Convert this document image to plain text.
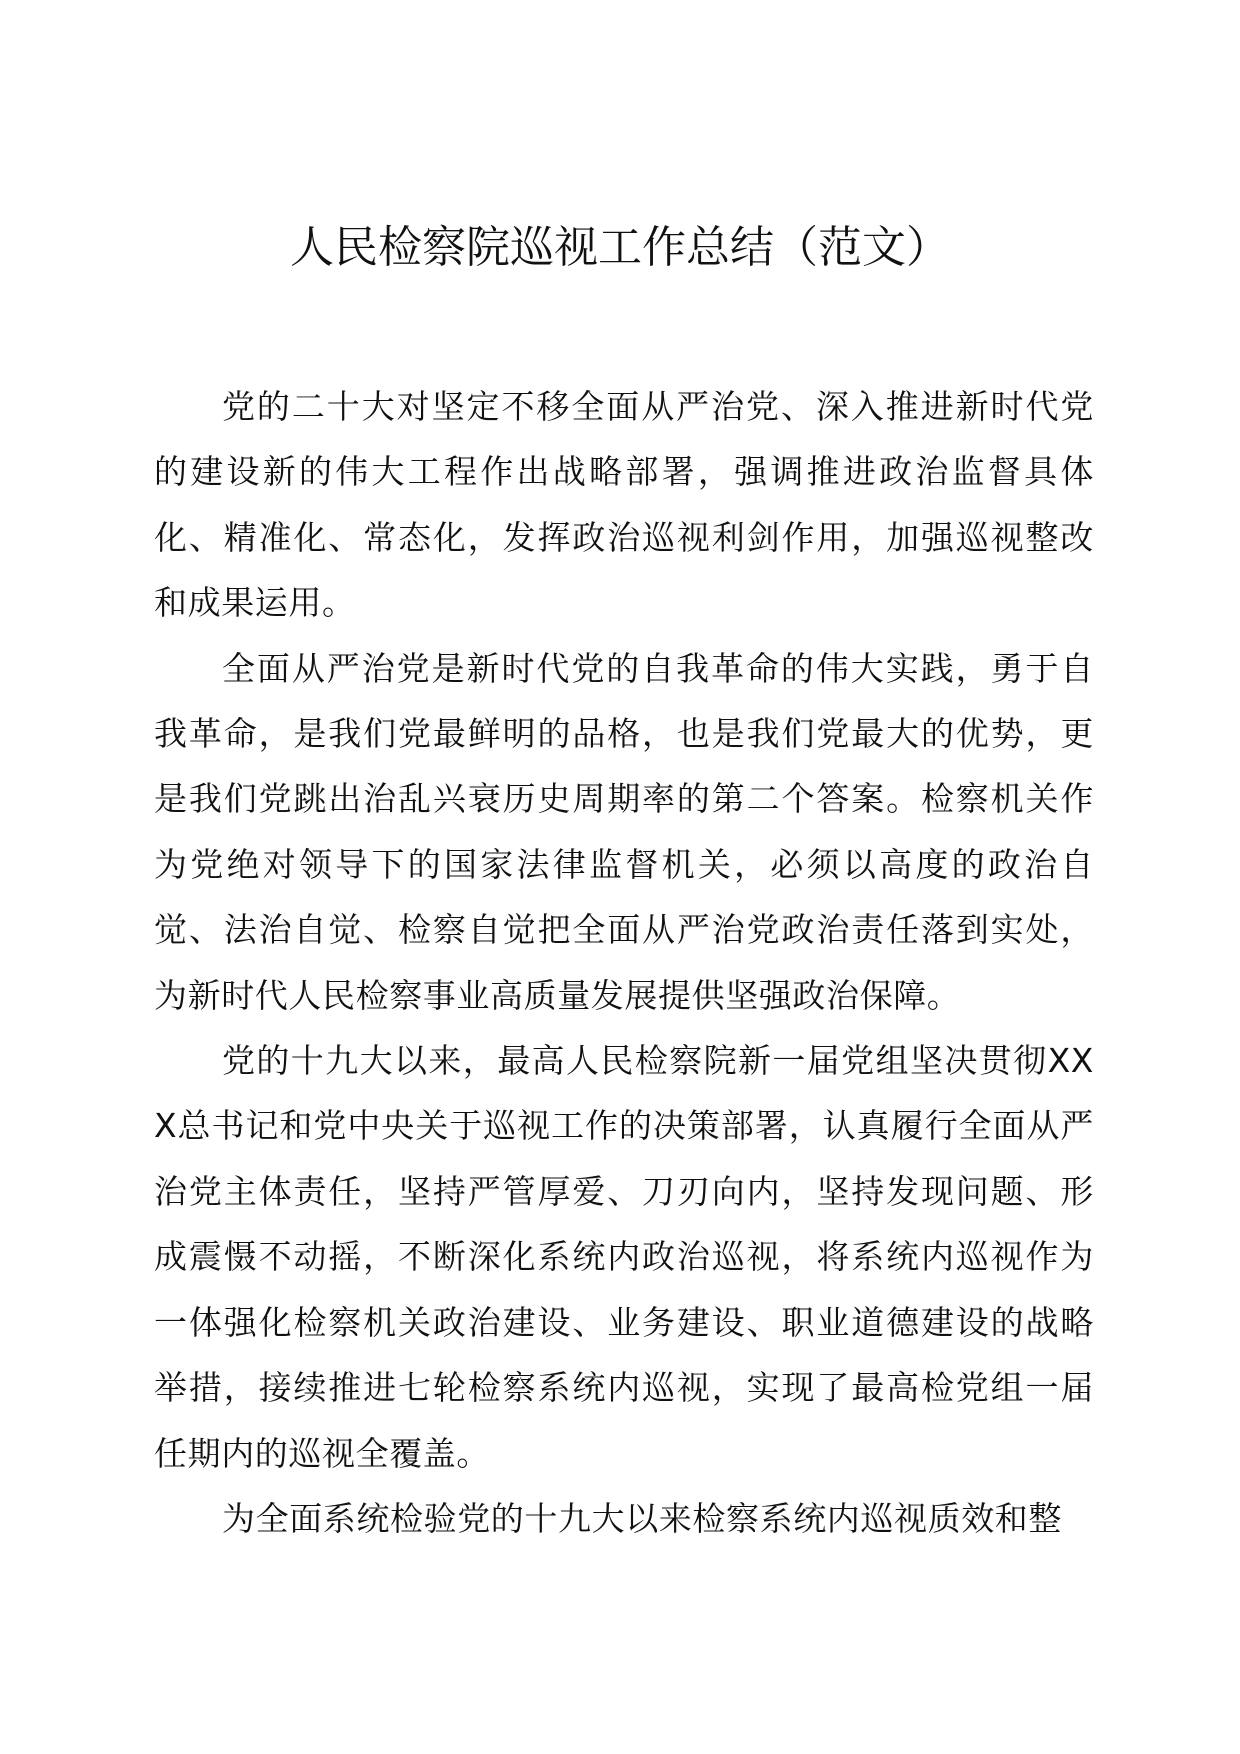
人民检察院巡视工作总结（范文）

党的二十大对坚定不移全面从严治党、深入推进新时代党的建设新的伟大工程作出战略部署，强调推进政治监督具体化、精准化、常态化，发挥政治巡视利剑作用，加强巡视整改和成果运用。

全面从严治党是新时代党的自我革命的伟大实践，勇于自我革命，是我们党最鲜明的品格，也是我们党最大的优势，更是我们党跳出治乱兴衰历史周期率的第二个答案。检察机关作为党绝对领导下的国家法律监督机关，必须以高度的政治自觉、法治自觉、检察自觉把全面从严治党政治责任落到实处，为新时代人民检察事业高质量发展提供坚强政治保障。

党的十九大以来，最高人民检察院新一届党组坚决贯彻XXX总书记和党中央关于巡视工作的决策部署，认真履行全面从严治党主体责任，坚持严管厚爱、刀刃向内，坚持发现问题、形成震慑不动摇，不断深化系统内政治巡视，将系统内巡视作为一体强化检察机关政治建设、业务建设、职业道德建设的战略举措，接续推进七轮检察系统内巡视，实现了最高检党组一届任期内的巡视全覆盖。

为全面系统检验党的十九大以来检察系统内巡视质效和整
